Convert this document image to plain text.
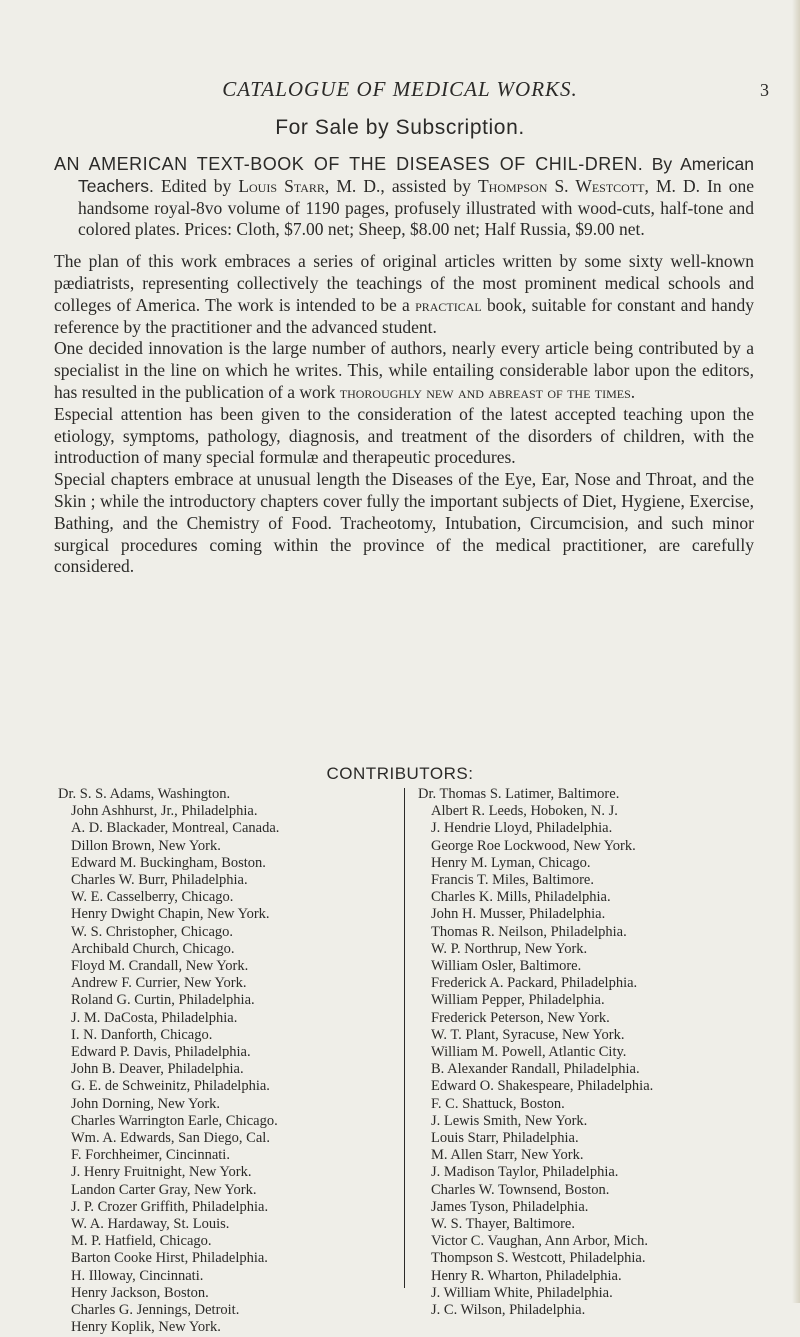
CATALOGUE OF MEDICAL WORKS.	3
For Sale by Subscription.

AN AMERICAN TEXT-BOOK OF THE DISEASES OF CHIL-DREN. By American Teachers. Edited by Louis Starr, M. D., assisted by Thompson S. Westcott, M. D. In one handsome royal-8vo volume of 1190 pages, profusely illustrated with wood-cuts, half-tone and colored plates. Prices: Cloth, $7.00 net; Sheep, $8.00 net; Half Russia, $9.00 net.

The plan of this work embraces a series of original articles written by some sixty well-known pædiatrists, representing collectively the teachings of the most prominent medical schools and colleges of America. The work is intended to be a practical book, suitable for constant and handy reference by the practitioner and the advanced student.

One decided innovation is the large number of authors, nearly every article being contributed by a specialist in the line on which he writes. This, while entailing considerable labor upon the editors, has resulted in the publication of a work thoroughly new and abreast of the times.

Especial attention has been given to the consideration of the latest accepted teaching upon the etiology, symptoms, pathology, diagnosis, and treatment of the disorders of children, with the introduction of many special formulæ and therapeutic procedures.

Special chapters embrace at unusual length the Diseases of the Eye, Ear, Nose and Throat, and the Skin ; while the introductory chapters cover fully the important subjects of Diet, Hygiene, Exercise, Bathing, and the Chemistry of Food. Tracheotomy, Intubation, Circumcision, and such minor surgical procedures coming within the province of the medical practitioner, are carefully considered.

CONTRIBUTORS:
Dr. S. S. Adams, Washington.
John Ashhurst, Jr., Philadelphia.
A. D. Blackader, Montreal, Canada.
Dillon Brown, New York.
Edward M. Buckingham, Boston.
Charles W. Burr, Philadelphia.
W. E. Casselberry, Chicago.
Henry Dwight Chapin, New York.
W. S. Christopher, Chicago.
Archibald Church, Chicago.
Floyd M. Crandall, New York.
Andrew F. Currier, New York.
Roland G. Curtin, Philadelphia.
J. M. DaCosta, Philadelphia.
I. N. Danforth, Chicago.
Edward P. Davis, Philadelphia.
John B. Deaver, Philadelphia.
G. E. de Schweinitz, Philadelphia.
John Dorning, New York.
Charles Warrington Earle, Chicago.
Wm. A. Edwards, San Diego, Cal.
F. Forchheimer, Cincinnati.
J. Henry Fruitnight, New York.
Landon Carter Gray, New York.
J. P. Crozer Griffith, Philadelphia.
W. A. Hardaway, St. Louis.
M. P. Hatfield, Chicago.
Barton Cooke Hirst, Philadelphia.
H. Illoway, Cincinnati.
Henry Jackson, Boston.
Charles G. Jennings, Detroit.
Henry Koplik, New York.
Dr. Thomas S. Latimer, Baltimore.
Albert R. Leeds, Hoboken, N. J.
J. Hendrie Lloyd, Philadelphia.
George Roe Lockwood, New York.
Henry M. Lyman, Chicago.
Francis T. Miles, Baltimore.
Charles K. Mills, Philadelphia.
John H. Musser, Philadelphia.
Thomas R. Neilson, Philadelphia.
W. P. Northrup, New York.
William Osler, Baltimore.
Frederick A. Packard, Philadelphia.
William Pepper, Philadelphia.
Frederick Peterson, New York.
W. T. Plant, Syracuse, New York.
William M. Powell, Atlantic City.
B. Alexander Randall, Philadelphia.
Edward O. Shakespeare, Philadelphia.
F. C. Shattuck, Boston.
J. Lewis Smith, New York.
Louis Starr, Philadelphia.
M. Allen Starr, New York.
J. Madison Taylor, Philadelphia.
Charles W. Townsend, Boston.
James Tyson, Philadelphia.
W. S. Thayer, Baltimore.
Victor C. Vaughan, Ann Arbor, Mich.
Thompson S. Westcott, Philadelphia.
Henry R. Wharton, Philadelphia.
J. William White, Philadelphia.
J. C. Wilson, Philadelphia.
